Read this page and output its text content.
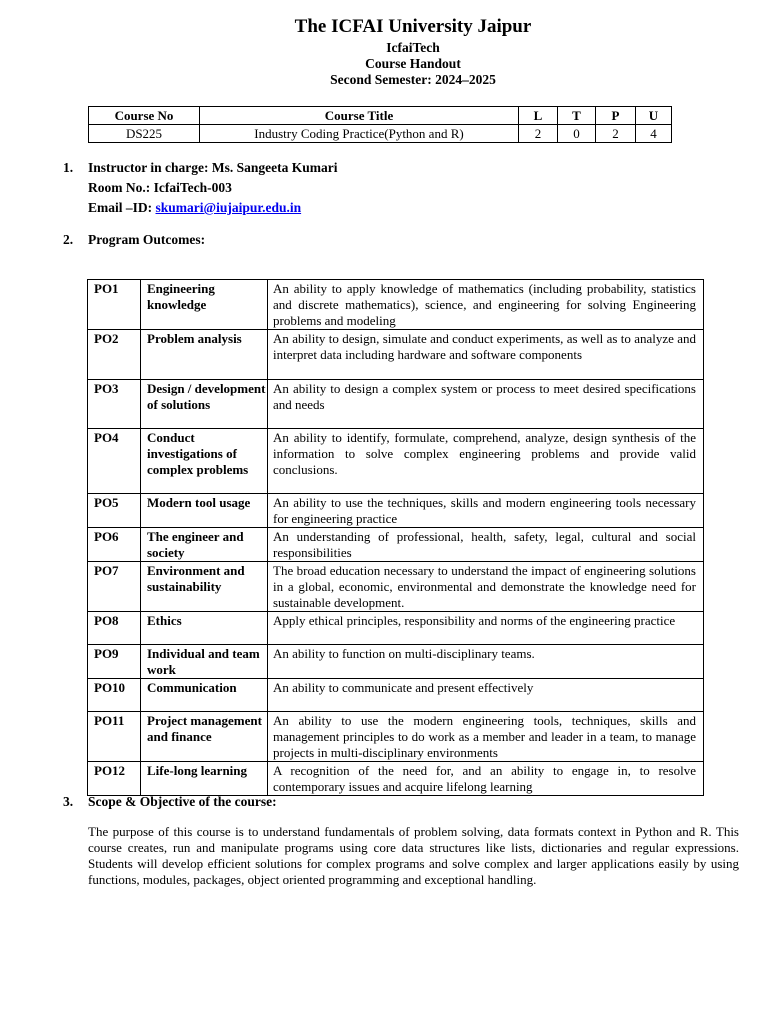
The ICFAI University Jaipur
IcfaiTech
Course Handout
Second Semester: 2024–2025
Course No	Course Title	L	T	P	U
DS225	Industry Coding Practice(Python and R)	2	0	2	4
1.	Instructor in charge: Ms. Sangeeta Kumari
Room No.: IcfaiTech-003
Email –ID: skumari@iujaipur.edu.in
2.	Program Outcomes:
PO1	Engineering knowledge	An ability to apply knowledge of mathematics (including probability, statistics and discrete mathematics), science, and engineering for solving Engineering problems and modeling
PO2	Problem analysis	An ability to design, simulate and conduct experiments, as well as to analyze and interpret data including hardware and software components
PO3	Design / development of solutions	An ability to design a complex system or process to meet desired specifications and needs
PO4	Conduct investigations of complex problems	An ability to identify, formulate, comprehend, analyze, design synthesis of the information to solve complex engineering problems and provide valid conclusions.
PO5	Modern tool usage	An ability to use the techniques, skills and modern engineering tools necessary for engineering practice
PO6	The engineer and society	An understanding of professional, health, safety, legal, cultural and social responsibilities
PO7	Environment and sustainability	The broad education necessary to understand the impact of engineering solutions in a global, economic, environmental and demonstrate the knowledge need for sustainable development.
PO8	Ethics	Apply ethical principles, responsibility and norms of the engineering practice
PO9	Individual and team work	An ability to function on multi-disciplinary teams.
PO10	Communication	An ability to communicate and present effectively
PO11	Project management and finance	An ability to use the modern engineering tools, techniques, skills and management principles to do work as a member and leader in a team, to manage projects in multi-disciplinary environments
PO12	Life-long learning	A recognition of the need for, and an ability to engage in, to resolve contemporary issues and acquire lifelong learning
3.	Scope & Objective of the course:
The purpose of this course is to understand fundamentals of problem solving, data formats context in Python and R. This course creates, run and manipulate programs using core data structures like lists, dictionaries and regular expressions. Students will develop efficient solutions for complex programs and solve complex and larger applications easily by using functions, modules, packages, object oriented programming and exceptional handling.
